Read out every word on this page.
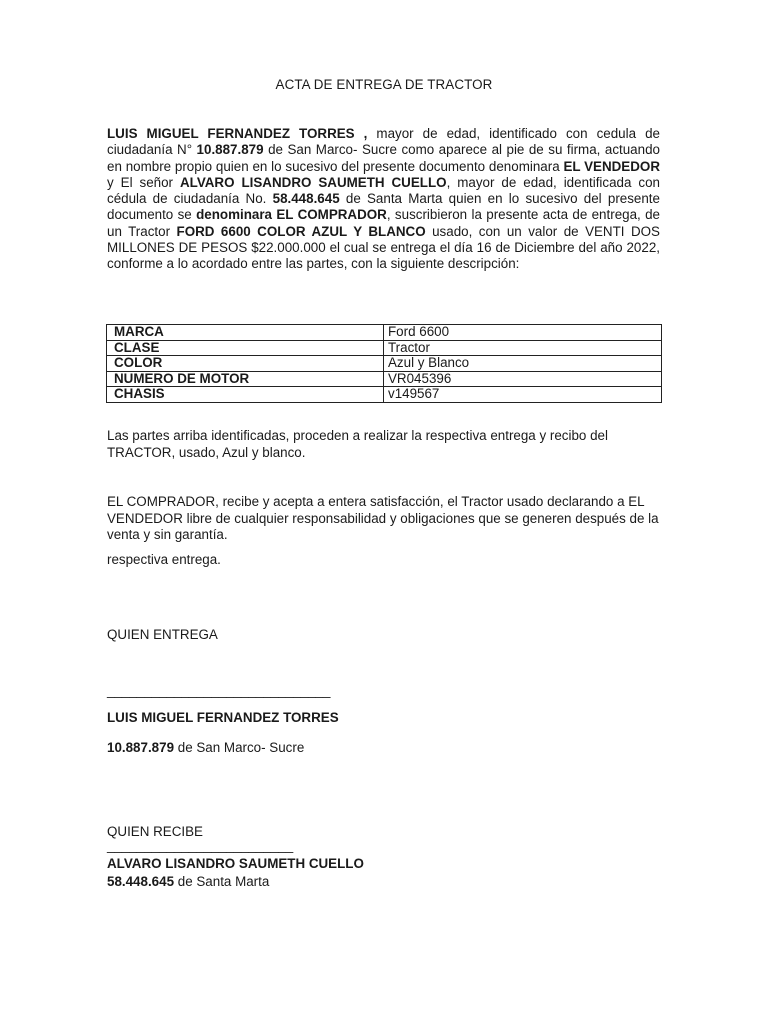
ACTA DE ENTREGA DE TRACTOR
LUIS MIGUEL FERNANDEZ TORRES , mayor de edad, identificado con cedula de ciudadanía N° 10.887.879 de San Marco- Sucre como aparece al pie de su firma, actuando en nombre propio quien en lo sucesivo del presente documento denominara EL VENDEDOR y El señor ALVARO LISANDRO SAUMETH CUELLO, mayor de edad, identificada con cédula de ciudadanía No. 58.448.645 de Santa Marta quien en lo sucesivo del presente documento se denominara EL COMPRADOR, suscribieron la presente acta de entrega, de un Tractor FORD 6600 COLOR AZUL Y BLANCO usado, con un valor de VENTI DOS MILLONES DE PESOS $22.000.000 el cual se entrega el día 16 de Diciembre del año 2022, conforme a lo acordado entre las partes, con la siguiente descripción:
MARCA	Ford 6600
CLASE	Tractor
COLOR	Azul y Blanco
NUMERO DE MOTOR	VR045396
CHASIS	v149567
Las partes arriba identificadas, proceden a realizar la respectiva entrega y recibo del TRACTOR, usado, Azul y blanco.
EL COMPRADOR, recibe y acepta a entera satisfacción, el Tractor usado declarando a EL VENDEDOR libre de cualquier responsabilidad y obligaciones que se generen después de la venta y sin garantía.
respectiva entrega.
QUIEN ENTREGA
______________________________
LUIS MIGUEL FERNANDEZ TORRES
10.887.879 de San Marco- Sucre
QUIEN RECIBE
_________________________
ALVARO LISANDRO SAUMETH CUELLO
58.448.645 de Santa Marta
